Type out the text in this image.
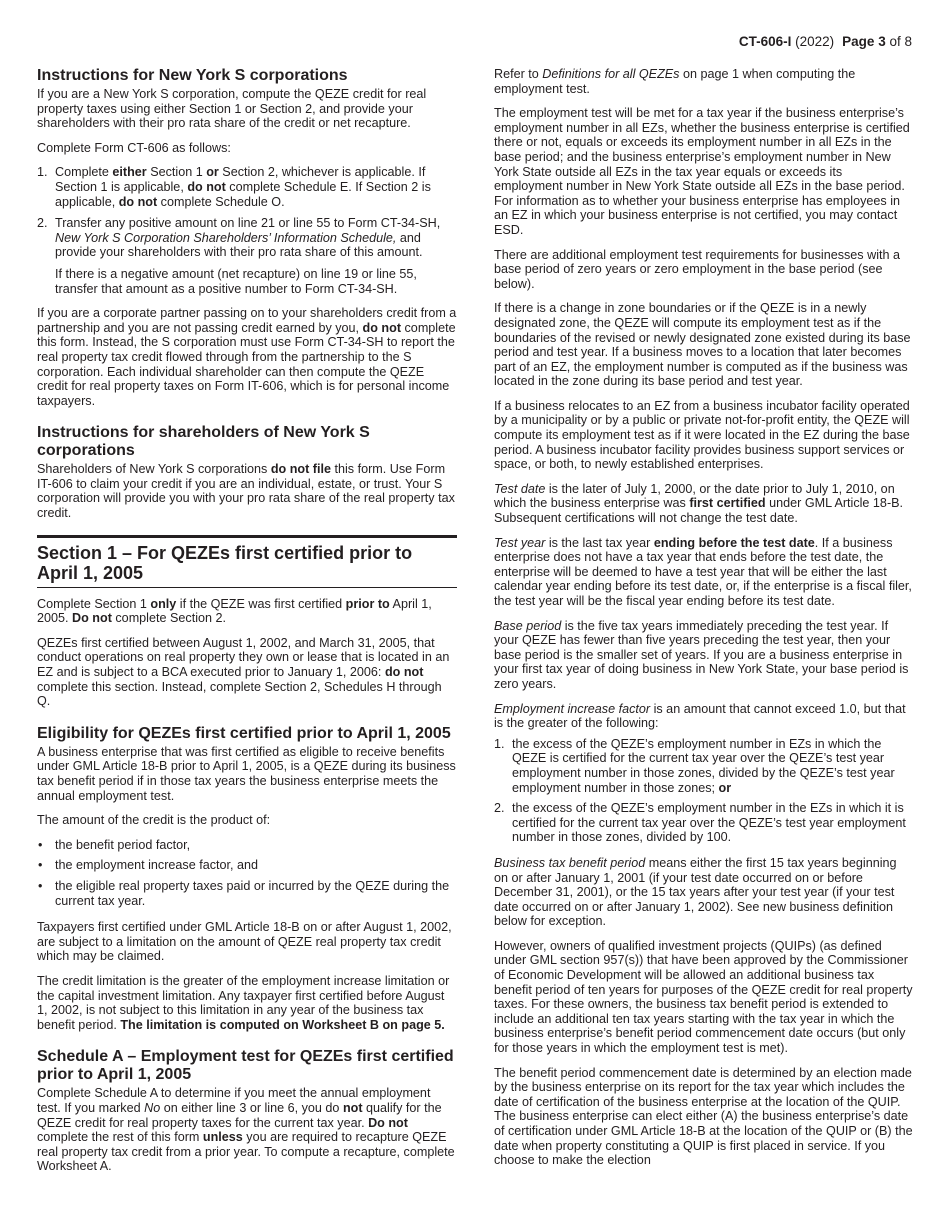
CT-606-I (2022) Page 3 of 8
Instructions for New York S corporations

If you are a New York S corporation, compute the QEZE credit for real property taxes using either Section 1 or Section 2, and provide your shareholders with their pro rata share of the credit or net recapture.

Complete Form CT-606 as follows:

1. Complete either Section 1 or Section 2, whichever is applicable. If Section 1 is applicable, do not complete Schedule E. If Section 2 is applicable, do not complete Schedule O.
2. Transfer any positive amount on line 21 or line 55 to Form CT-34-SH, New York S Corporation Shareholders’ Information Schedule, and provide your shareholders with their pro rata share of this amount.

If there is a negative amount (net recapture) on line 19 or line 55, transfer that amount as a positive number to Form CT-34-SH.

If you are a corporate partner passing on to your shareholders credit from a partnership and you are not passing credit earned by you, do not complete this form. Instead, the S corporation must use Form CT-34-SH to report the real property tax credit flowed through from the partnership to the S corporation. Each individual shareholder can then compute the QEZE credit for real property taxes on Form IT-606, which is for personal income taxpayers.

Instructions for shareholders of New York S corporations

Shareholders of New York S corporations do not file this form. Use Form IT-606 to claim your credit if you are an individual, estate, or trust. Your S corporation will provide you with your pro rata share of the real property tax credit.

Section 1 – For QEZEs first certified prior to April 1, 2005

Complete Section 1 only if the QEZE was first certified prior to April 1, 2005. Do not complete Section 2.

QEZEs first certified between August 1, 2002, and March 31, 2005, that conduct operations on real property they own or lease that is located in an EZ and is subject to a BCA executed prior to January 1, 2006: do not complete this section. Instead, complete Section 2, Schedules H through Q.

Eligibility for QEZEs first certified prior to April 1, 2005

A business enterprise that was first certified as eligible to receive benefits under GML Article 18-B prior to April 1, 2005, is a QEZE during its business tax benefit period if in those tax years the business enterprise meets the annual employment test.

The amount of the credit is the product of:

• the benefit period factor,
• the employment increase factor, and
• the eligible real property taxes paid or incurred by the QEZE during the current tax year.

Taxpayers first certified under GML Article 18-B on or after August 1, 2002, are subject to a limitation on the amount of QEZE real property tax credit which may be claimed.

The credit limitation is the greater of the employment increase limitation or the capital investment limitation. Any taxpayer first certified before August 1, 2002, is not subject to this limitation in any year of the business tax benefit period. The limitation is computed on Worksheet B on page 5.

Schedule A – Employment test for QEZEs first certified prior to April 1, 2005

Complete Schedule A to determine if you meet the annual employment test. If you marked No on either line 3 or line 6, you do not qualify for the QEZE credit for real property taxes for the current tax year. Do not complete the rest of this form unless you are required to recapture QEZE real property tax credit from a prior year. To compute a recapture, complete Worksheet A.

Refer to Definitions for all QEZEs on page 1 when computing the employment test.

The employment test will be met for a tax year if the business enterprise’s employment number in all EZs, whether the business enterprise is certified there or not, equals or exceeds its employment number in all EZs in the base period; and the business enterprise’s employment number in New York State outside all EZs in the tax year equals or exceeds its employment number in New York State outside all EZs in the base period. For information as to whether your business enterprise has employees in an EZ in which your business enterprise is not certified, you may contact ESD.

There are additional employment test requirements for businesses with a base period of zero years or zero employment in the base period (see below).

If there is a change in zone boundaries or if the QEZE is in a newly designated zone, the QEZE will compute its employment test as if the boundaries of the revised or newly designated zone existed during its base period and test year. If a business moves to a location that later becomes part of an EZ, the employment number is computed as if the business was located in the zone during its base period and test year.

If a business relocates to an EZ from a business incubator facility operated by a municipality or by a public or private not-for-profit entity, the QEZE will compute its employment test as if it were located in the EZ during the base period. A business incubator facility provides business support services or space, or both, to newly established enterprises.

Test date is the later of July 1, 2000, or the date prior to July 1, 2010, on which the business enterprise was first certified under GML Article 18-B. Subsequent certifications will not change the test date.

Test year is the last tax year ending before the test date. If a business enterprise does not have a tax year that ends before the test date, the enterprise will be deemed to have a test year that will be either the last calendar year ending before its test date, or, if the enterprise is a fiscal filer, the test year will be the fiscal year ending before its test date.

Base period is the five tax years immediately preceding the test year. If your QEZE has fewer than five years preceding the test year, then your base period is the smaller set of years. If you are a business enterprise in your first tax year of doing business in New York State, your base period is zero years.

Employment increase factor is an amount that cannot exceed 1.0, but that is the greater of the following:

1. the excess of the QEZE’s employment number in EZs in which the QEZE is certified for the current tax year over the QEZE’s test year employment number in those zones, divided by the QEZE’s test year employment number in those zones; or
2. the excess of the QEZE’s employment number in the EZs in which it is certified for the current tax year over the QEZE’s test year employment number in those zones, divided by 100.

Business tax benefit period means either the first 15 tax years beginning on or after January 1, 2001 (if your test date occurred on or before December 31, 2001), or the 15 tax years after your test year (if your test date occurred on or after January 1, 2002). See new business definition below for exception.

However, owners of qualified investment projects (QUIPs) (as defined under GML section 957(s)) that have been approved by the Commissioner of Economic Development will be allowed an additional business tax benefit period of ten years for purposes of the QEZE credit for real property taxes. For these owners, the business tax benefit period is extended to include an additional ten tax years starting with the tax year in which the business enterprise’s benefit period commencement date occurs (but only for those years in which the employment test is met).

The benefit period commencement date is determined by an election made by the business enterprise on its report for the tax year which includes the date of certification of the business enterprise at the location of the QUIP. The business enterprise can elect either (A) the business enterprise’s date of certification under GML Article 18-B at the location of the QUIP or (B) the date when property constituting a QUIP is first placed in service. If you choose to make the election
